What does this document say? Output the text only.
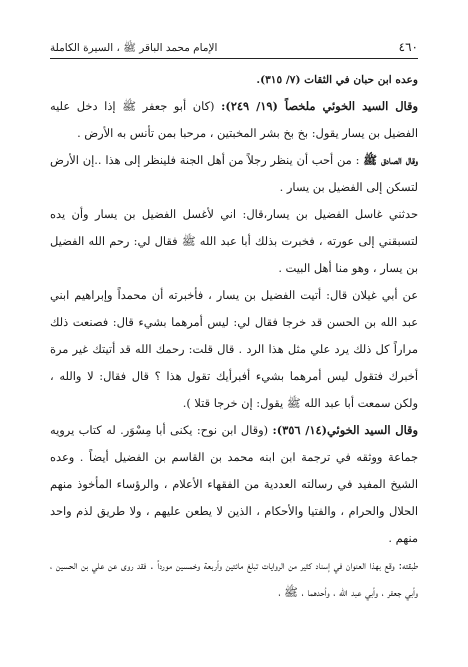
٤٦٠
الإمام محمد الباقر ﷺ ، السيرة الكاملة

وعده ابن حبان في الثقات (٧/ ٣١٥).

وقال السيد الخوئي ملخصاً (١٩/ ٢٤٩): (كان أبو جعفر ﷺ إذا دخل عليه الفضيل بن يسار يقول: بخ بخ بشر المخبتين ، مرحبا بمن تأنس به الأرض .

وقال الصادق ﷺ : من أحب أن ينظر رجلاً من أهل الجنة فلينظر إلى هذا ..إن الأرض لتسكن إلى الفضيل بن يسار .

حدثني غاسل الفضيل بن يسار،قال: اني لأغسل الفضيل بن يسار وأن يده لتسبقني إلى عورته ، فخبرت بذلك أبا عبد الله ﷺ فقال لي: رحم الله الفضيل بن يسار ، وهو منا أهل البيت .

عن أبي غيلان قال: أتيت الفضيل بن يسار ، فأخبرته أن محمداً وإبراهيم ابني عبد الله بن الحسن قد خرجا فقال لي: ليس أمرهما بشيء قال: فصنعت ذلك مراراً كل ذلك يرد علي مثل هذا الرد . قال قلت: رحمك الله قد أتيتك غير مرة أخبرك فتقول ليس أمرهما بشيء أفبرأيك تقول هذا ؟ قال فقال: لا والله ، ولكن سمعت أبا عبد الله ﷺ يقول: إن خرجا قتلا ).

وقال السيد الخوئي(١٤/ ٣٥٦): (وقال ابن نوح: يكنى أبا مِسْوَر. له كتاب يرويه جماعة ووثقه في ترجمة ابن ابنه محمد بن القاسم بن الفضيل أيضاً . وعده الشيخ المفيد في رسالته العددية من الفقهاء الأعلام ، والرؤساء المأخوذ منهم الحلال والحرام ، والفتيا والأحكام ، الذين لا يطعن عليهم ، ولا طريق لذم واحد منهم .

طبقته: وقع بهذا العنوان في إسناد كثير من الروايات تبلغ مائتين وأربعة وخمسين مورداً . فقد روى عن علي بن الحسين ، وأبي جعفر ، وأبي عبد الله ، وأحدهما ، ﷺ ،
